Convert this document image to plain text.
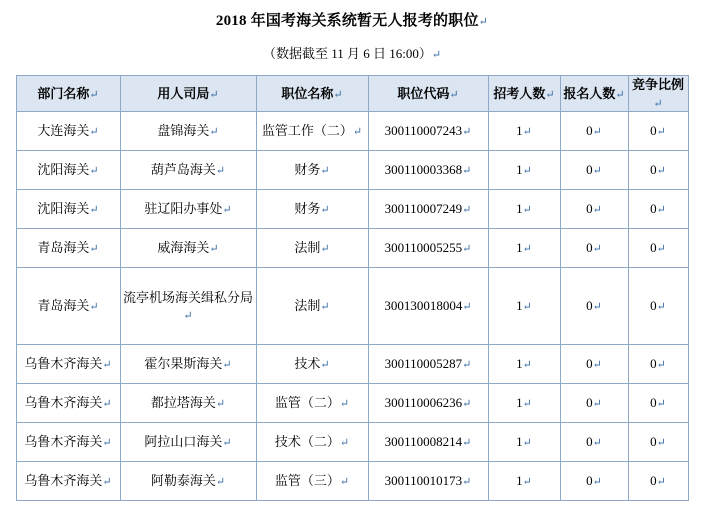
2018 年国考海关系统暂无人报考的职位↵
（数据截至 11 月 6 日 16:00）↵
部门名称↵	用人司局↵	职位名称↵	职位代码↵	招考人数↵	报名人数↵	竞争比例↵
大连海关↵	盘锦海关↵	监管工作（二）↵	300110007243↵	1↵	0↵	0↵
沈阳海关↵	葫芦岛海关↵	财务↵	300110003368↵	1↵	0↵	0↵
沈阳海关↵	驻辽阳办事处↵	财务↵	300110007249↵	1↵	0↵	0↵
青岛海关↵	威海海关↵	法制↵	300110005255↵	1↵	0↵	0↵
青岛海关↵	流亭机场海关缉私分局↵	法制↵	300130018004↵	1↵	0↵	0↵
乌鲁木齐海关↵	霍尔果斯海关↵	技术↵	300110005287↵	1↵	0↵	0↵
乌鲁木齐海关↵	都拉塔海关↵	监管（二）↵	300110006236↵	1↵	0↵	0↵
乌鲁木齐海关↵	阿拉山口海关↵	技术（二）↵	300110008214↵	1↵	0↵	0↵
乌鲁木齐海关↵	阿勒泰海关↵	监管（三）↵	300110010173↵	1↵	0↵	0↵
